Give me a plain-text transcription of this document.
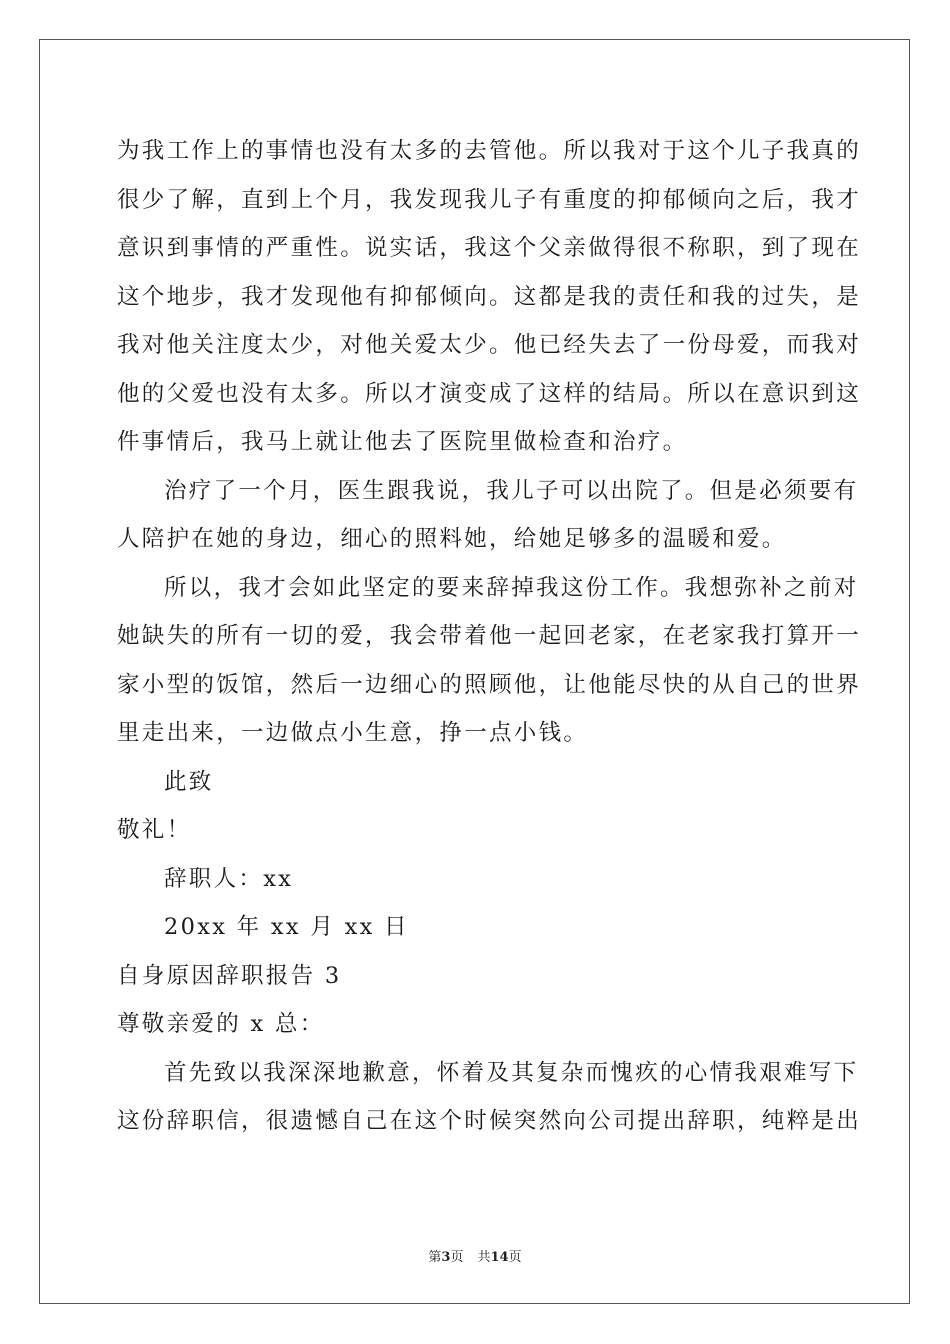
为我工作上的事情也没有太多的去管他。所以我对于这个儿子我真的
很少了解，直到上个月，我发现我儿子有重度的抑郁倾向之后，我才
意识到事情的严重性。说实话，我这个父亲做得很不称职，到了现在
这个地步，我才发现他有抑郁倾向。这都是我的责任和我的过失，是
我对他关注度太少，对他关爱太少。他已经失去了一份母爱，而我对
他的父爱也没有太多。所以才演变成了这样的结局。所以在意识到这
件事情后，我马上就让他去了医院里做检查和治疗。
治疗了一个月，医生跟我说，我儿子可以出院了。但是必须要有
人陪护在她的身边，细心的照料她，给她足够多的温暖和爱。
所以，我才会如此坚定的要来辞掉我这份工作。我想弥补之前对
她缺失的所有一切的爱，我会带着他一起回老家，在老家我打算开一
家小型的饭馆，然后一边细心的照顾他，让他能尽快的从自己的世界
里走出来，一边做点小生意，挣一点小钱。
此致
敬礼！
辞职人：xx
20xx 年 xx 月 xx 日
自身原因辞职报告 3
尊敬亲爱的 x 总：
首先致以我深深地歉意，怀着及其复杂而愧疚的心情我艰难写下
这份辞职信，很遗憾自己在这个时候突然向公司提出辞职，纯粹是出
第3页 共14页
